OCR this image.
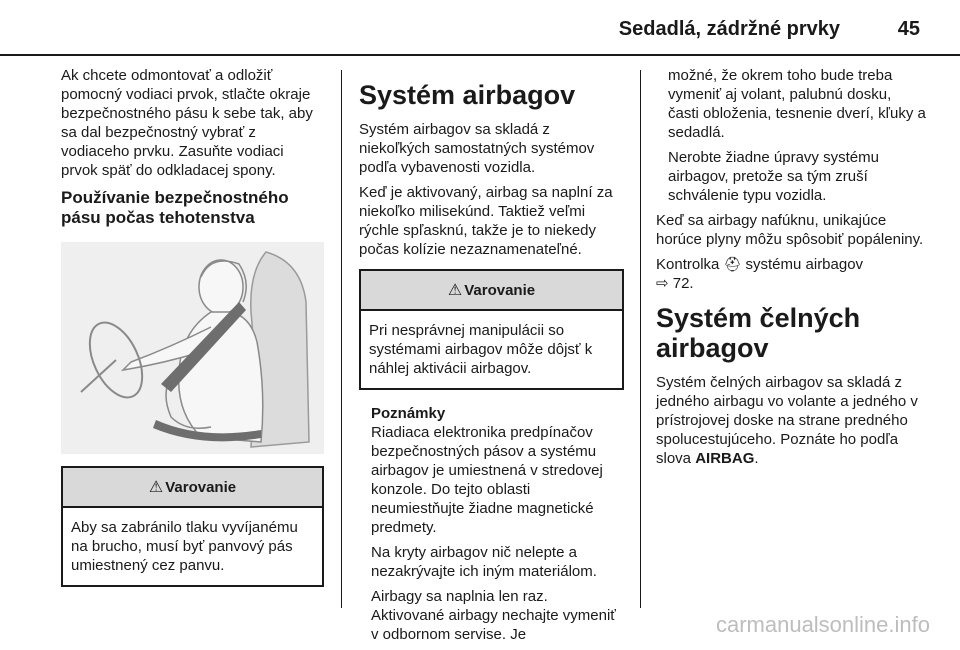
Sedadlá, zádržné prvky	45

Ak chcete odmontovať a odložiť pomocný vodiaci prvok, stlačte okraje bezpečnostného pásu k sebe tak, aby sa dal bezpečnostný vybrať z vodiaceho prvku. Zasuňte vodiaci prvok späť do odkladacej spony.

Používanie bezpečnostného pásu počas tehotenstva
⚠ Varovanie
Aby sa zabránilo tlaku vyvíjanému na brucho, musí byť panvový pás umiestnený cez panvu.
Systém airbagov

Systém airbagov sa skladá z niekoľkých samostatných systémov podľa vybavenosti vozidla.

Keď je aktivovaný, airbag sa naplní za niekoľko milisekúnd. Taktiež veľmi rýchle spľasknú, takže je to niekedy počas kolízie nezaznamenateľné.

⚠ Varovanie
Pri nesprávnej manipulácii so systémami airbagov môže dôjsť k náhlej aktivácii airbagov.
Poznámky

Riadiaca elektronika predpínačov bezpečnostných pásov a systému airbagov je umiestnená v stredovej konzole. Do tejto oblasti neumiestňujte žiadne magnetické predmety.

Na kryty airbagov nič nelepte a nezakrývajte ich iným materiálom.

Airbagy sa naplnia len raz. Aktivované airbagy nechajte vymeniť v odbornom servise. Je

možné, že okrem toho bude treba vymeniť aj volant, palubnú dosku, časti obloženia, tesnenie dverí, kľuky a sedadlá.

Nerobte žiadne úpravy systému airbagov, pretože sa tým zruší schválenie typu vozidla.

Keď sa airbagy nafúknu, unikajúce horúce plyny môžu spôsobiť popáleniny.

Kontrolka ⛑ systému airbagov
⇨ 72.

Systém čelných airbagov

Systém čelných airbagov sa skladá z jedného airbagu vo volante a jedného v prístrojovej doske na strane predného spolucestujúceho. Poznáte ho podľa slova AIRBAG.

carmanualsonline.info
